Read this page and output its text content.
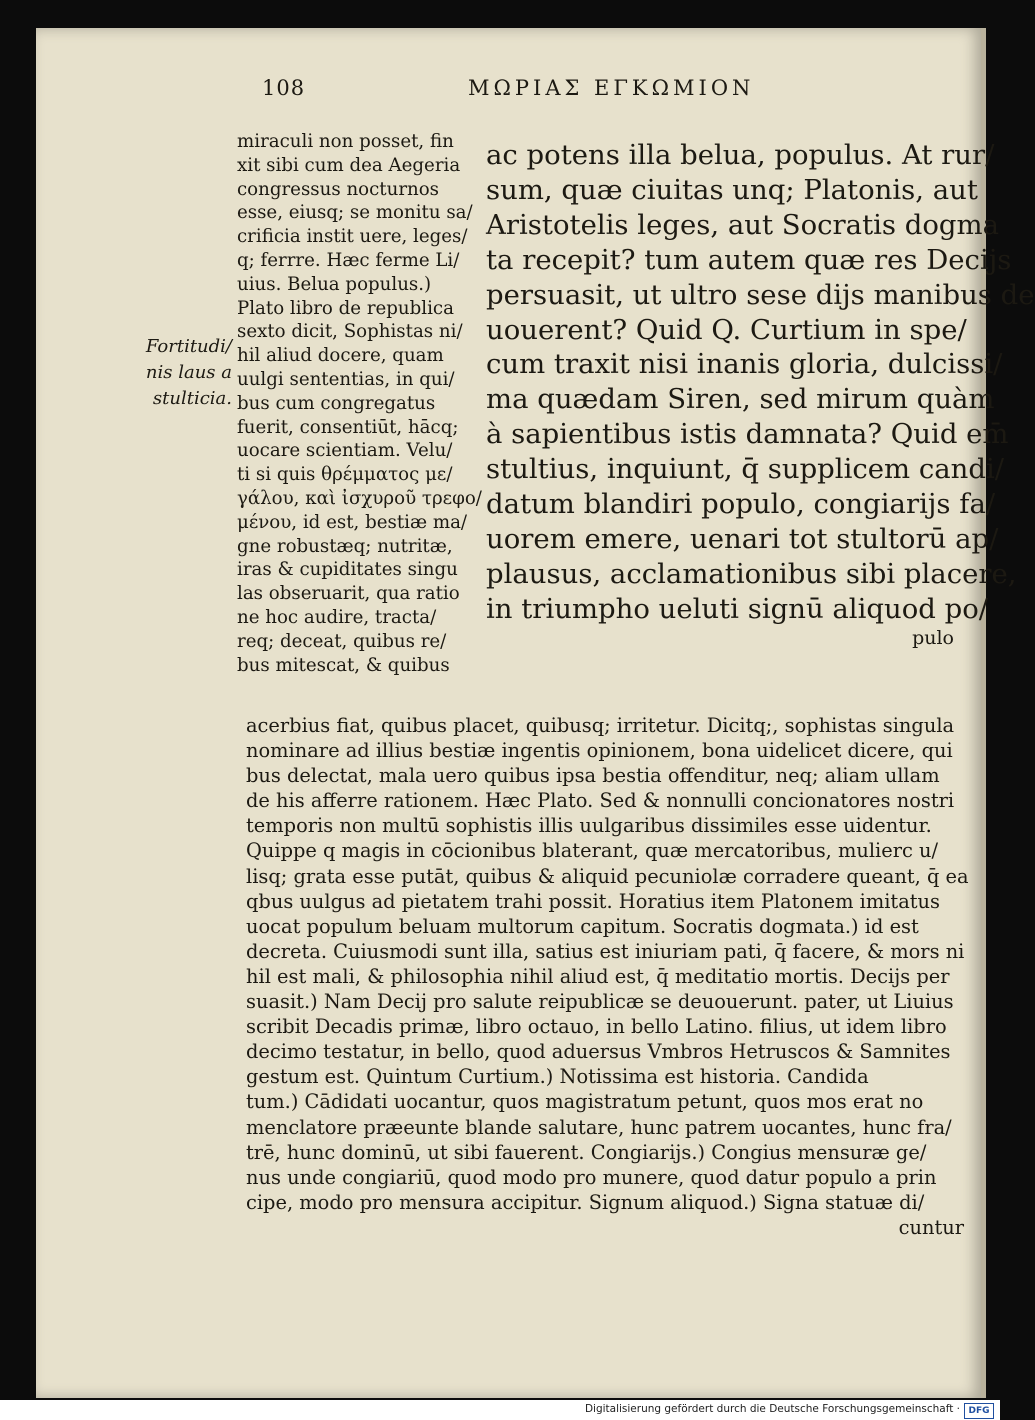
108	ΜΩΡΙΑΣ ΕΓΚΩΜΙΟΝ
Fortitudi/
nis laus a
stulticia.
miraculi non posset, fin
xit sibi cum dea Aegeria
congressus nocturnos
esse, eiusq; se monitu sa/
crificia instit uere, leges/
q; ferrre. Hæc ferme Li/
uius. Belua populus.)
Plato libro de republica
sexto dicit, Sophistas ni/
hil aliud docere, quam
uulgi sententias, in qui/
bus cum congregatus
fuerit, consentiūt, hācq;
uocare scientiam. Velu/
ti si quis θρέμματος με/
γάλου, καὶ ἰσχυροῦ τρεφο/
μένου, id est, bestiæ ma/
gne robustæq; nutritæ,
iras & cupiditates singu
las obseruarit, qua ratio
ne hoc audire, tracta/
req; deceat, quibus re/
bus mitescat, & quibus
ac potens illa belua, populus. At rur/
sum, quæ ciuitas unq; Platonis, aut
Aristotelis leges, aut Socratis dogma
ta recepit? tum autem quæ res Decijs
persuasit, ut ultro sese dijs manibus de
uouerent? Quid Q. Curtium in spe/
cum traxit nisi inanis gloria, dulcissi/
ma quædam Siren, sed mirum quàm
à sapientibus istis damnata? Quid em̄
stultius, inquiunt, q̄ supplicem candi/
datum blandiri populo, congiarijs fa/
uorem emere, uenari tot stultorū ap/
plausus, acclamationibus sibi placere,
in triumpho ueluti signū aliquod po/
pulo
acerbius fiat, quibus placet, quibusq; irritetur. Dicitq;, sophistas singula
nominare ad illius bestiæ ingentis opinionem, bona uidelicet dicere, qui
bus delectat, mala uero quibus ipsa bestia offenditur, neq; aliam ullam
de his afferre rationem. Hæc Plato. Sed & nonnulli concionatores nostri
temporis non multū sophistis illis uulgaribus dissimiles esse uidentur.
Quippe q magis in cōcionibus blaterant, quæ mercatoribus, mulierc u/
lisq; grata esse putāt, quibus & aliquid pecuniolæ corradere queant, q̄ ea
qbus uulgus ad pietatem trahi possit. Horatius item Platonem imitatus
uocat populum beluam multorum capitum. Socratis dogmata.) id est
decreta. Cuiusmodi sunt illa, satius est iniuriam pati, q̄ facere, & mors ni
hil est mali, & philosophia nihil aliud est, q̄ meditatio mortis. Decijs per
suasit.) Nam Decij pro salute reipublicæ se deuouerunt. pater, ut Liuius
scribit Decadis primæ, libro octauo, in bello Latino. filius, ut idem libro
decimo testatur, in bello, quod aduersus Vmbros Hetruscos & Samnites
gestum est. Quintum Curtium.) Notissima est historia. Candida
tum.) Cādidati uocantur, quos magistratum petunt, quos mos erat no
menclatore præeunte blande salutare, hunc patrem uocantes, hunc fra/
trē, hunc dominū, ut sibi fauerent. Congiarijs.) Congius mensuræ ge/
nus unde congiariū, quod modo pro munere, quod datur populo a prin
cipe, modo pro mensura accipitur. Signum aliquod.) Signa statuæ di/
cuntur
Digitalisierung gefördert durch die Deutsche Forschungsgemeinschaft · DFG
